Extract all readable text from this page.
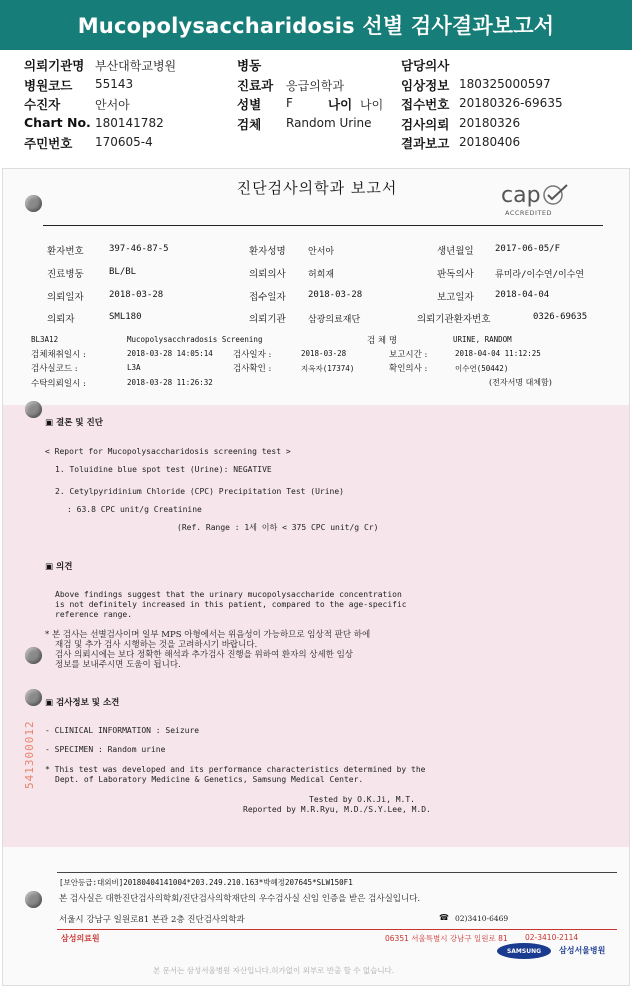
Mucopolysaccharidosis 선별 검사결과보고서
의뢰기관명 부산대학교병원
병원코드 55143
수진자	안서아
Chart No. 180141782
주민번호 170605-4
병동
진료과 응급의학과
성별 F	나이 나이
검체 Random Urine
담당의사
임상정보 180325000597
접수번호 20180326-69635
검사의뢰 20180326
결과보고 20180406
진단검사의학과 보고서	cap
ACCREDITED
환자번호	397-46-87-5	환자성명 안서아	생년월일 2017-06-05/F
진료병동	BL/BL	의뢰의사 허희재	판독의사 류미라/이수연/이수연
의뢰일자	2018-03-28	접수일자 2018-03-28	보고일자 2018-04-04
의뢰자	SML180	의뢰기관 삼광의료재단	의뢰기관환자번호	0326-69635
BL3A12	Mucopolysacchradosis Screening	검 체 명	URINE, RANDOM
검체채취일시 :	2018-03-28 14:05:14 검사일자 :	2018-03-28	보고시간 :	2018-04-04 11:12:25
검사실코드 :	L3A	검사확인 :	지옥자(17374)	확인의사 :	이수연(50442)
수탁의뢰일시 :	2018-03-28 11:26:32	(전자서명 대체함)
▣ 결론 및 진단
< Report for Mucopolysaccharidosis screening test >
1. Toluidine blue spot test (Urine): NEGATIVE
2. Cetylpyridinium Chloride (CPC) Precipitation Test (Urine)
: 63.8 CPC unit/g Creatinine
(Ref. Range : 1세 이하 < 375 CPC unit/g Cr)
▣ 의견
Above findings suggest that the urinary mucopolysaccharide concentration
is not definitely increased in this patient, compared to the age-specific
reference range.
* 본 검사는 선별검사이며 일부 MPS 아형에서는 위음성이 가능하므로 임상적 판단 하에
재검 및 추가 검사 시행하는 것을 고려하시기 바랍니다.
검사 의뢰시에는 보다 정확한 해석과 추가검사 진행을 위하여 환자의 상세한 임상
정보를 보내주시면 도움이 됩니다.
▣ 검사정보 및 소견
- CLINICAL INFORMATION : Seizure
- SPECIMEN : Random urine
* This test was developed and its performance characteristics determined by the
Dept. of Laboratory Medicine & Genetics, Samsung Medical Center.
Tested by O.K.Ji, M.T.
Reported by M.R.Ryu, M.D./S.Y.Lee, M.D.
541300012
[보안등급:대외비]20180404141004*203.249.210.163*박혜정207645*SLW150F1
본 검사실은 대한진단검사의학회/진단검사의학재단의 우수검사실 신임 인증을 받은 검사실입니다.
서울시 강남구 일원로81 본관 2층 진단검사의학과	☎ 02)3410-6469
삼성의료원	06351 서울특별시 강남구 일원로 81 02-3410-2114
SAMSUNG	삼성서울병원
본 문서는 삼성서울병원 자산입니다.허가없이 외부로 반출 할 수 없습니다.
